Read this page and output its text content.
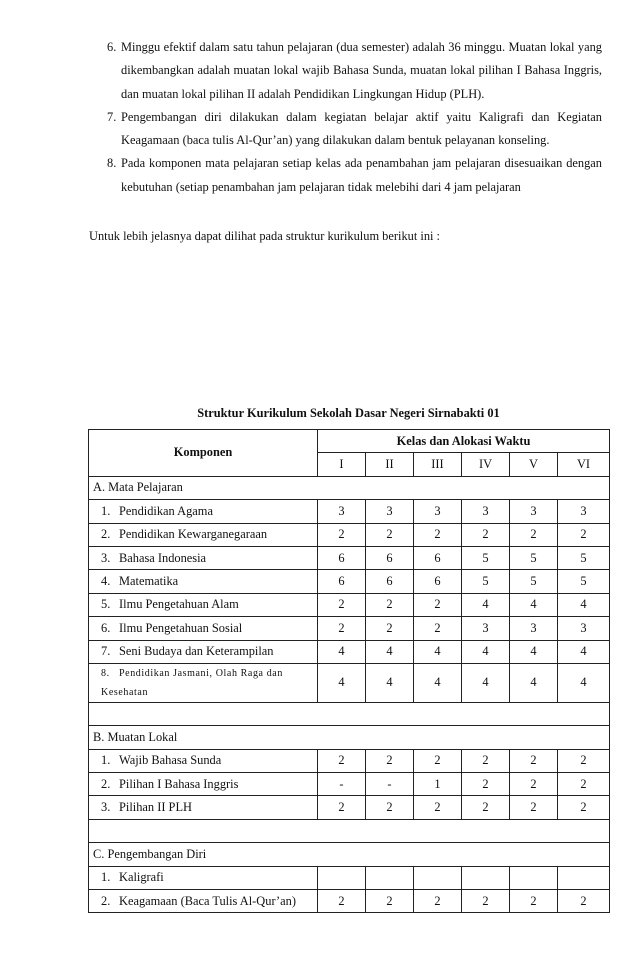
6. Minggu efektif dalam satu tahun pelajaran (dua semester) adalah 36 minggu. Muatan lokal yang dikembangkan adalah muatan lokal wajib Bahasa Sunda, muatan lokal pilihan I Bahasa Inggris, dan muatan lokal pilihan II adalah Pendidikan Lingkungan Hidup (PLH).
7. Pengembangan diri dilakukan dalam kegiatan belajar aktif yaitu Kaligrafi dan Kegiatan Keagamaan (baca tulis Al-Qur’an) yang dilakukan dalam bentuk pelayanan konseling.
8. Pada komponen mata pelajaran setiap kelas ada penambahan jam pelajaran disesuaikan dengan kebutuhan (setiap penambahan jam pelajaran tidak melebihi dari 4 jam pelajaran
Untuk lebih jelasnya dapat dilihat pada struktur kurikulum berikut ini :
Struktur Kurikulum Sekolah Dasar Negeri Sirnabakti 01
Komponen	Kelas dan Alokasi Waktu					
	I	II	III	IV	V	VI
A. Mata Pelajaran						
1. Pendidikan Agama	3	3	3	3	3	3
2. Pendidikan Kewarganegaraan	2	2	2	2	2	2
3. Bahasa Indonesia	6	6	6	5	5	5
4. Matematika	6	6	6	5	5	5
5. Ilmu Pengetahuan Alam	2	2	2	4	4	4
6. Ilmu Pengetahuan Sosial	2	2	2	3	3	3
7. Seni Budaya dan Keterampilan	4	4	4	4	4	4
8. Pendidikan Jasmani, Olah Raga dan Kesehatan	4	4	4	4	4	4

B. Muatan Lokal						
1. Wajib Bahasa Sunda	2	2	2	2	2	2
2. Pilihan I Bahasa Inggris	-	-	1	2	2	2
3. Pilihan II PLH	2	2	2	2	2	2

C. Pengembangan Diri						
1. Kaligrafi						
2. Keagamaan (Baca Tulis Al-Qur’an)	2	2	2	2	2	2
